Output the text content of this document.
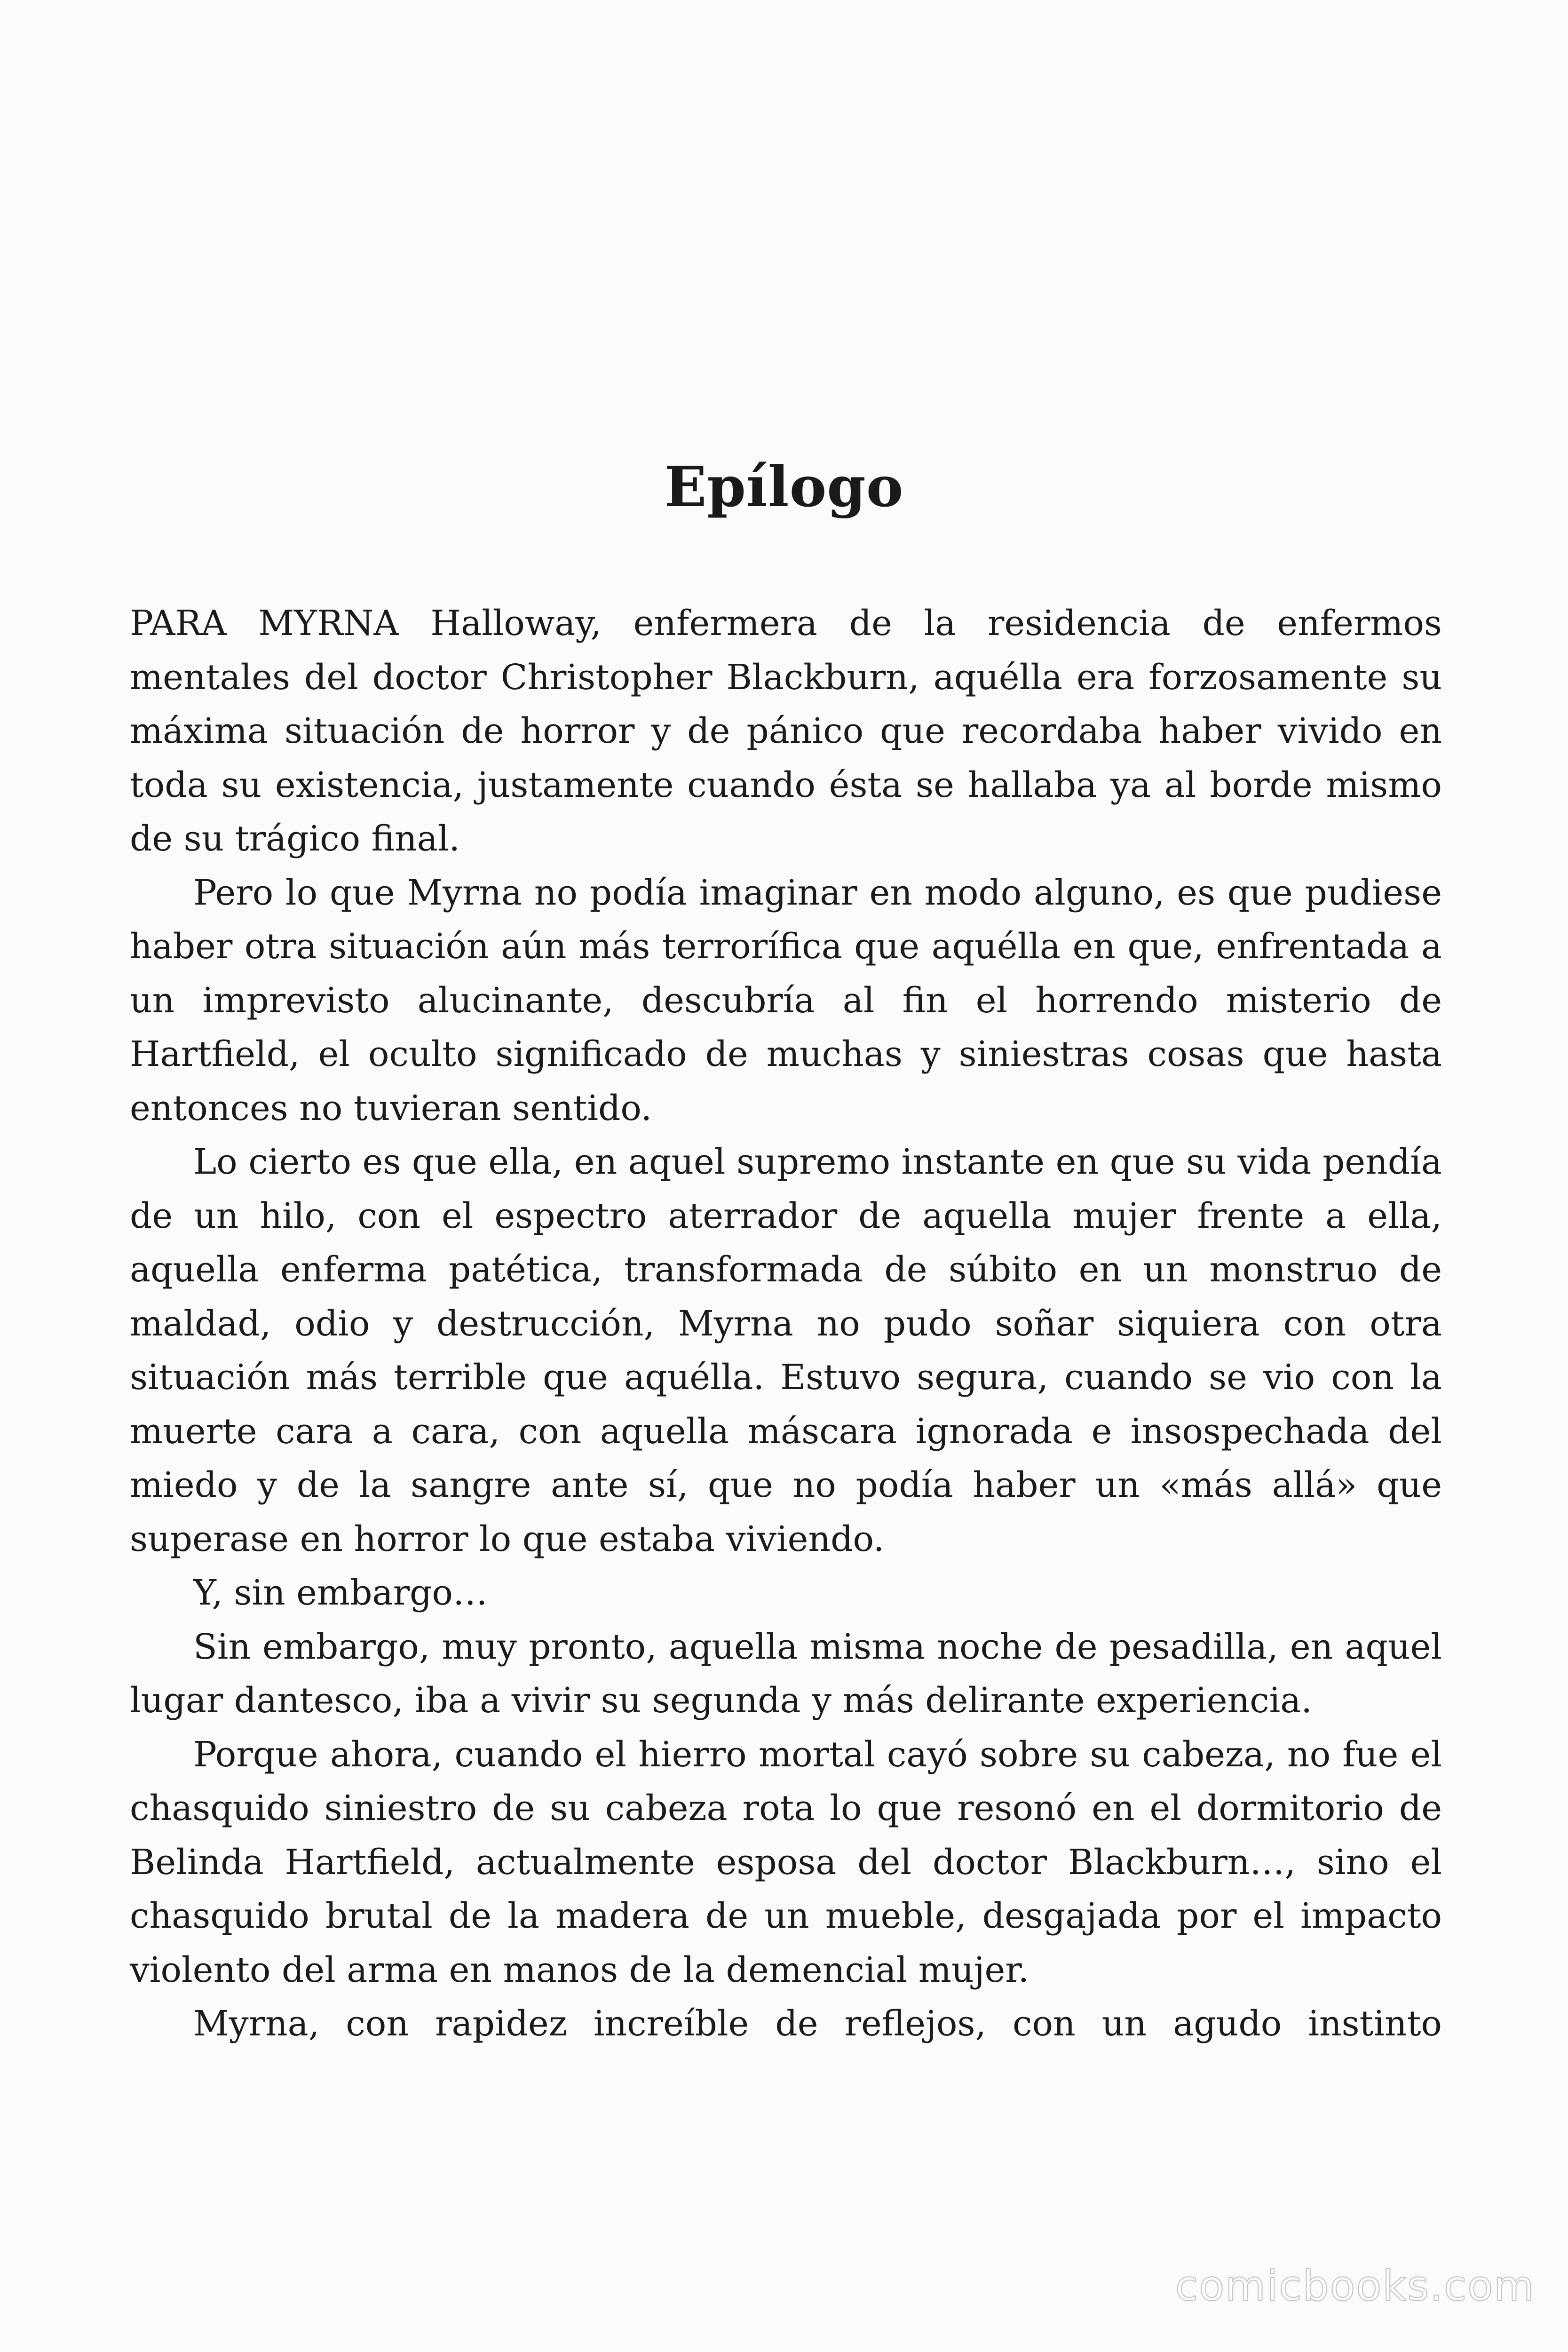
Epílogo

PARA MYRNA Halloway, enfermera de la residencia de enfermos mentales del doctor Christopher Blackburn, aquélla era forzosamente su máxima situación de horror y de pánico que recordaba haber vivido en toda su existencia, justamente cuando ésta se hallaba ya al borde mismo de su trágico final.

Pero lo que Myrna no podía imaginar en modo alguno, es que pudiese haber otra situación aún más terrorífica que aquélla en que, enfrentada a un imprevisto alucinante, descubría al fin el horrendo misterio de Hartfield, el oculto significado de muchas y siniestras cosas que hasta entonces no tuvieran sentido.

Lo cierto es que ella, en aquel supremo instante en que su vida pendía de un hilo, con el espectro aterrador de aquella mujer frente a ella, aquella enferma patética, transformada de súbito en un monstruo de maldad, odio y destrucción, Myrna no pudo soñar siquiera con otra situación más terrible que aquélla. Estuvo segura, cuando se vio con la muerte cara a cara, con aquella máscara ignorada e insospechada del miedo y de la sangre ante sí, que no podía haber un «más allá» que superase en horror lo que estaba viviendo.

Y, sin embargo…

Sin embargo, muy pronto, aquella misma noche de pesadilla, en aquel lugar dantesco, iba a vivir su segunda y más delirante experiencia.

Porque ahora, cuando el hierro mortal cayó sobre su cabeza, no fue el chasquido siniestro de su cabeza rota lo que resonó en el dormitorio de Belinda Hartfield, actualmente esposa del doctor Blackburn…, sino el chasquido brutal de la madera de un mueble, desgajada por el impacto violento del arma en manos de la demencial mujer.

Myrna, con rapidez increíble de reflejos, con un agudo instinto

comicbooks.com
